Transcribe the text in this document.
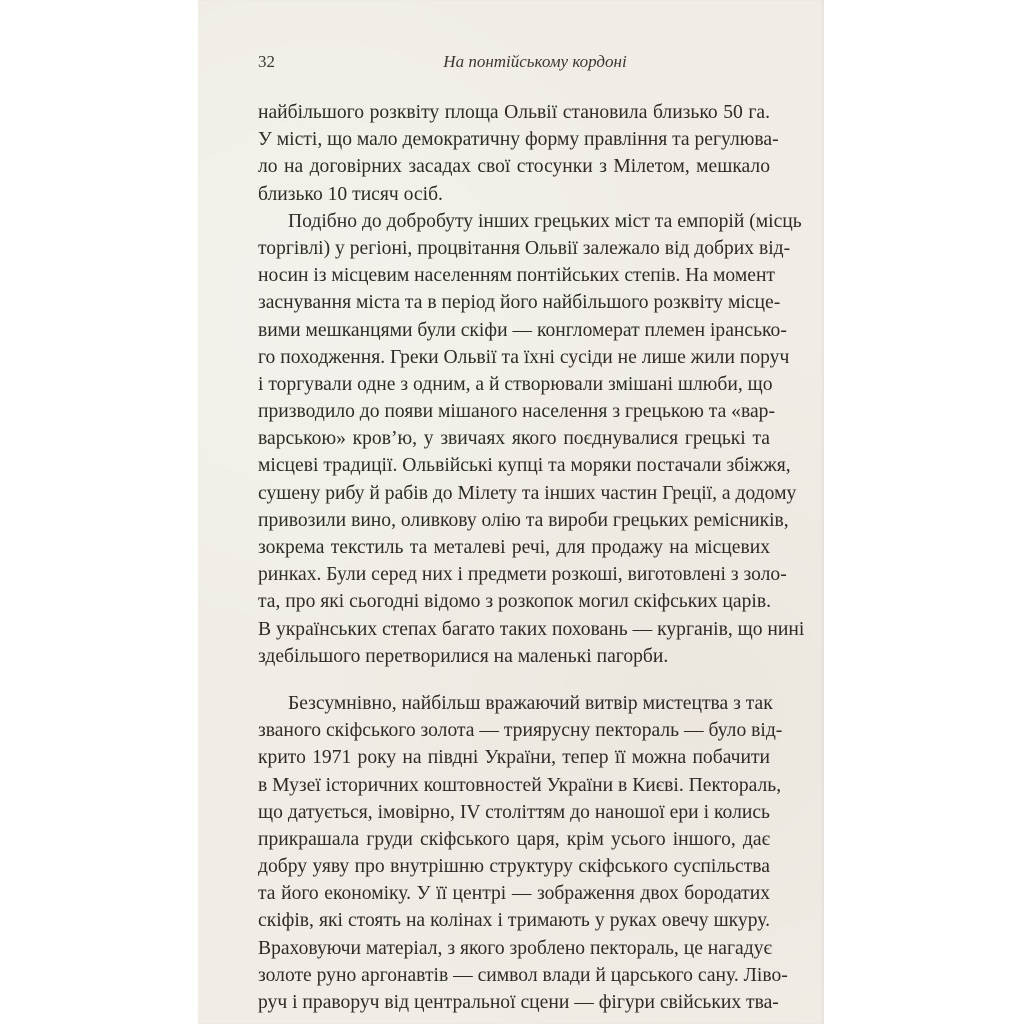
32	На понтійському кордоні

найбільшого розквіту площа Ольвії становила близько 50 га.
У місті, що мало демократичну форму правління та регулюва-
ло на договірних засадах свої стосунки з Мілетом, мешкало
близько 10 тисяч осіб.

Подібно до добробуту інших грецьких міст та емпорій (місць
торгівлі) у регіоні, процвітання Ольвії залежало від добрих від-
носин із місцевим населенням понтійських степів. На момент
заснування міста та в період його найбільшого розквіту місце-
вими мешканцями були скіфи — конгломерат племен ірансько-
го походження. Греки Ольвії та їхні сусіди не лише жили поруч
і торгували одне з одним, а й створювали змішані шлюби, що
призводило до появи мішаного населення з грецькою та «вар-
варською» кров’ю, у звичаях якого поєднувалися грецькі та
місцеві традиції. Ольвійські купці та моряки постачали збіжжя,
сушену рибу й рабів до Мілету та інших частин Греції, а додому
привозили вино, оливкову олію та вироби грецьких ремісників,
зокрема текстиль та металеві речі, для продажу на місцевих
ринках. Були серед них і предмети розкоші, виготовлені з золо-
та, про які сьогодні відомо з розкопок могил скіфських царів.
В українських степах багато таких поховань — курганів, що нині
здебільшого перетворилися на маленькі пагорби.

Безсумнівно, найбільш вражаючий витвір мистецтва з так
званого скіфського золота — триярусну пектораль — було від-
крито 1971 року на півдні України, тепер її можна побачити
в Музеї історичних коштовностей України в Києві. Пектораль,
що датується, імовірно, IV століттям до наношої ери і колись
прикрашала груди скіфського царя, крім усього іншого, дає
добру уяву про внутрішню структуру скіфського суспільства
та його економіку. У її центрі — зображення двох бородатих
скіфів, які стоять на колінах і тримають у руках овечу шкуру.
Враховуючи матеріал, з якого зроблено пектораль, це нагадує
золоте руно аргонавтів — символ влади й царського сану. Ліво-
руч і праворуч від центральної сцени — фігури свійських тва-
